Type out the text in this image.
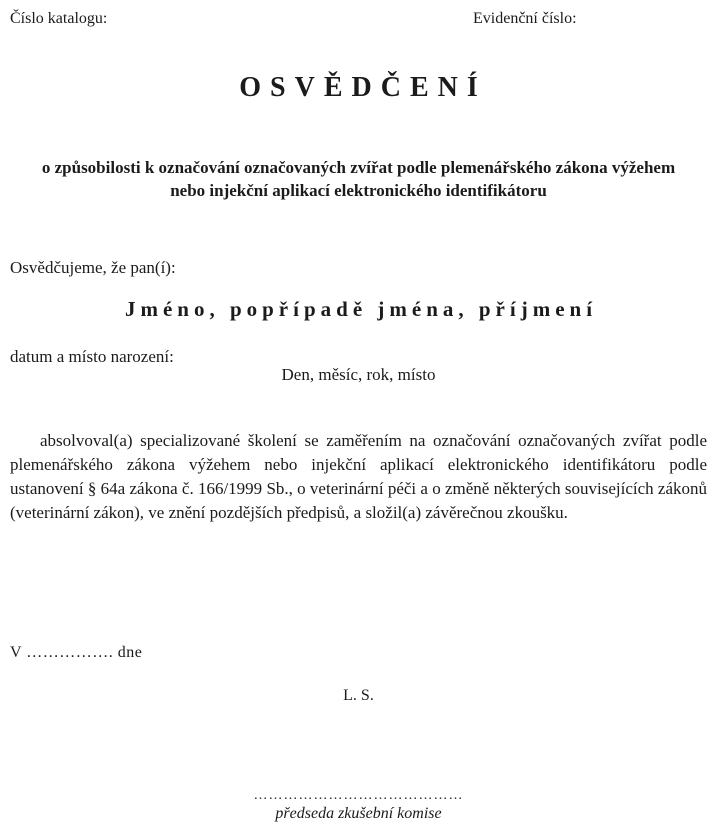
Číslo katalogu:	Evidenční číslo:
OSVĚDČENÍ
o způsobilosti k označování označovaných zvířat podle plemenářského zákona výžehem
nebo injekční aplikací elektronického identifikátoru
Osvědčujeme, že pan(í):
Jméno, popřípadě jména, příjmení
datum a místo narození:
Den, měsíc, rok, místo
absolvoval(a) specializované školení se zaměřením na označování označovaných zvířat podle plemenářského zákona výžehem nebo injekční aplikací elektronického identifikátoru podle ustanovení § 64a zákona č. 166/1999 Sb., o veterinární péči a o změně některých souvisejících zákonů (veterinární zákon), ve znění pozdějších předpisů, a složil(a) závěrečnou zkoušku.
V ……………. dne
L. S.
……………………………………
předseda zkušební komise
